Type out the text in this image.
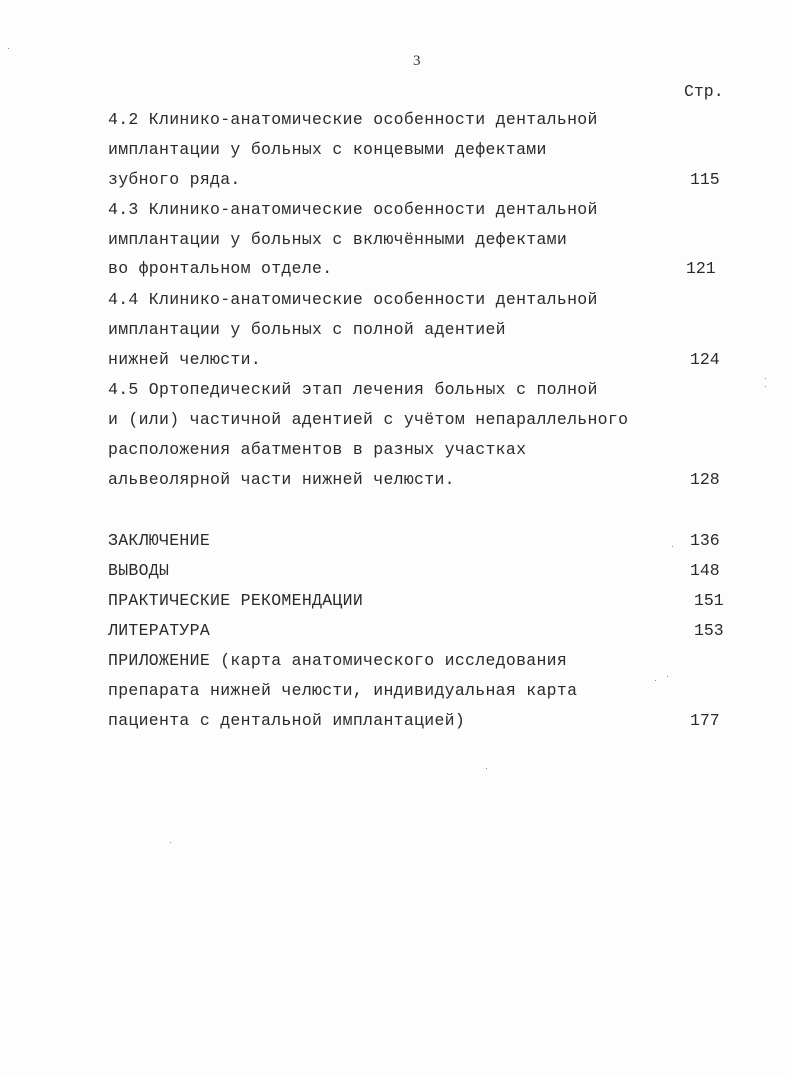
3
Стр.
4.2 Клинико-анатомические особенности дентальной
имплантации у больных с концевыми дефектами
зубного ряда.	115
4.3 Клинико-анатомические особенности дентальной
имплантации у больных с включёнными дефектами
во фронтальном отделе.	121
4.4 Клинико-анатомические особенности дентальной
имплантации у больных с полной адентией
нижней челюсти.	124
4.5 Ортопедический этап лечения больных с полной
и (или) частичной адентией с учётом непараллельного
расположения абатментов в разных участках
альвеолярной части нижней челюсти.	128
ЗАКЛЮЧЕНИЕ	136
ВЫВОДЫ	148
ПРАКТИЧЕСКИЕ РЕКОМЕНДАЦИИ	151
ЛИТЕРАТУРА	153
ПРИЛОЖЕНИЕ (карта анатомического исследования
препарата нижней челюсти, индивидуальная карта
пациента с дентальной имплантацией)	177
